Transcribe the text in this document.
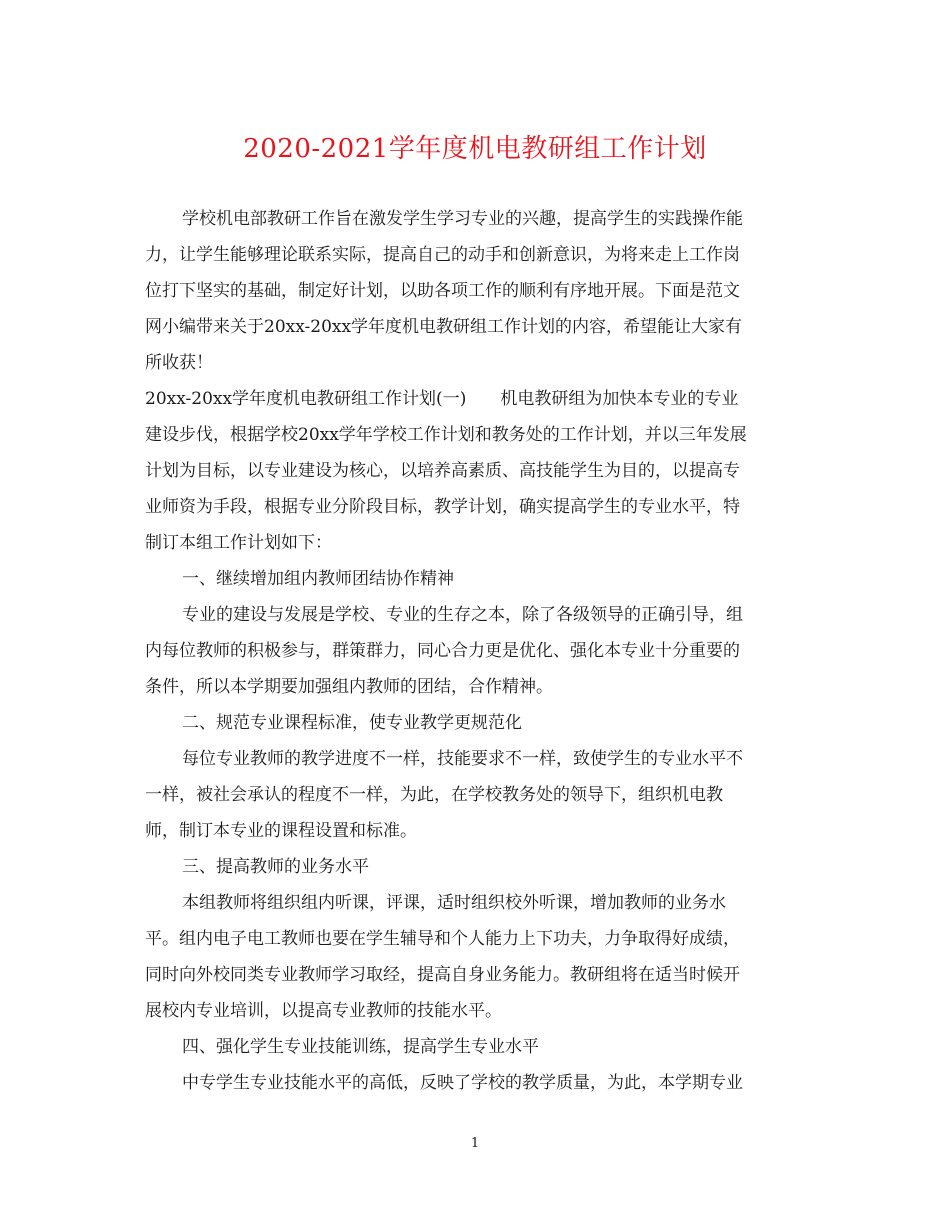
2020-2021学年度机电教研组工作计划
学校机电部教研工作旨在激发学生学习专业的兴趣，提高学生的实践操作能
力，让学生能够理论联系实际，提高自己的动手和创新意识，为将来走上工作岗
位打下坚实的基础，制定好计划，以助各项工作的顺利有序地开展。下面是范文
网小编带来关于20xx-20xx学年度机电教研组工作计划的内容，希望能让大家有
所收获！
20xx-20xx学年度机电教研组工作计划(一)　　机电教研组为加快本专业的专业
建设步伐，根据学校20xx学年学校工作计划和教务处的工作计划，并以三年发展
计划为目标，以专业建设为核心，以培养高素质、高技能学生为目的，以提高专
业师资为手段，根据专业分阶段目标，教学计划，确实提高学生的专业水平，特
制订本组工作计划如下：
一、继续增加组内教师团结协作精神
专业的建设与发展是学校、专业的生存之本，除了各级领导的正确引导，组
内每位教师的积极参与，群策群力，同心合力更是优化、强化本专业十分重要的
条件，所以本学期要加强组内教师的团结，合作精神。
二、规范专业课程标准，使专业教学更规范化
每位专业教师的教学进度不一样，技能要求不一样，致使学生的专业水平不
一样，被社会承认的程度不一样，为此，在学校教务处的领导下，组织机电教
师，制订本专业的课程设置和标准。
三、提高教师的业务水平
本组教师将组织组内听课，评课，适时组织校外听课，增加教师的业务水
平。组内电子电工教师也要在学生辅导和个人能力上下功夫，力争取得好成绩，
同时向外校同类专业教师学习取经，提高自身业务能力。教研组将在适当时候开
展校内专业培训，以提高专业教师的技能水平。
四、强化学生专业技能训练，提高学生专业水平
中专学生专业技能水平的高低，反映了学校的教学质量，为此，本学期专业
1
